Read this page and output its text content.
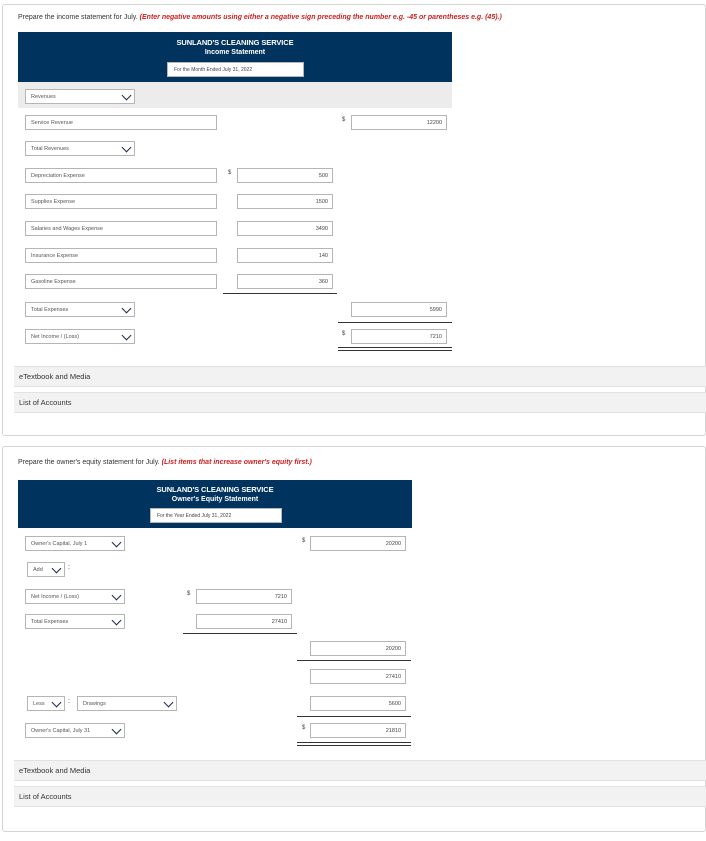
Prepare the income statement for July. (Enter negative amounts using either a negative sign preceding the number e.g. -45 or parentheses e.g. (45).)
SUNLAND'S CLEANING SERVICE
Income Statement
For the Month Ended July 31, 2022
Revenues
Service Revenue	$	12200
Total Revenues
Depreciation Expense	$	500
Supplies Expense	1500
Salaries and Wages Expense	3490
Insurance Expense	140
Gasoline Expense	360
Total Expenses	5990
Net Income / (Loss)	$	7210
eTextbook and Media
List of Accounts
Prepare the owner's equity statement for July. (List items that increase owner's equity first.)
SUNLAND'S CLEANING SERVICE
Owner's Equity Statement
For the Year Ended July 31, 2022
Owner's Capital, July 1	$	20200
Add	:
Net Income / (Loss)	$	7210
Total Expenses	27410
20200
27410
Less	: Drawings	5600
Owner's Capital, July 31	$	21810
eTextbook and Media
List of Accounts
